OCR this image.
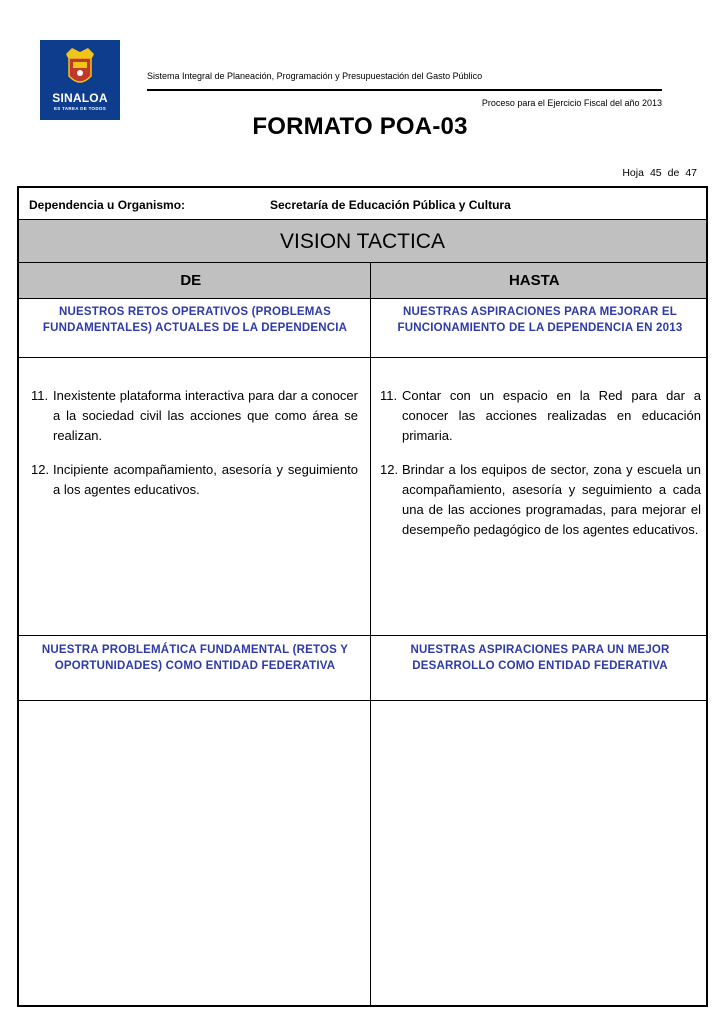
SINALOA
ES TAREA DE TODOS
Sistema Integral de Planeación, Programación y Presupuestación del Gasto Público
Proceso para el Ejercicio Fiscal del año 2013
FORMATO POA-03
Hoja 45 de 47
Dependencia u Organismo:	Secretaría de Educación Pública y Cultura
VISION TACTICA
DE	HASTA
NUESTROS RETOS OPERATIVOS (PROBLEMAS FUNDAMENTALES) ACTUALES DE LA DEPENDENCIA
NUESTRAS ASPIRACIONES PARA MEJORAR EL FUNCIONAMIENTO DE LA DEPENDENCIA EN 2013
11. Inexistente plataforma interactiva para dar a conocer a la sociedad civil las acciones que como área se realizan.
12. Incipiente acompañamiento, asesoría y seguimiento a los agentes educativos.
11. Contar con un espacio en la Red para dar a conocer las acciones realizadas en educación primaria.
12. Brindar a los equipos de sector, zona y escuela un acompañamiento, asesoría y seguimiento a cada una de las acciones programadas, para mejorar el desempeño pedagógico de los agentes educativos.
NUESTRA PROBLEMÁTICA FUNDAMENTAL (RETOS Y OPORTUNIDADES) COMO ENTIDAD FEDERATIVA
NUESTRAS ASPIRACIONES PARA UN MEJOR DESARROLLO COMO ENTIDAD FEDERATIVA
